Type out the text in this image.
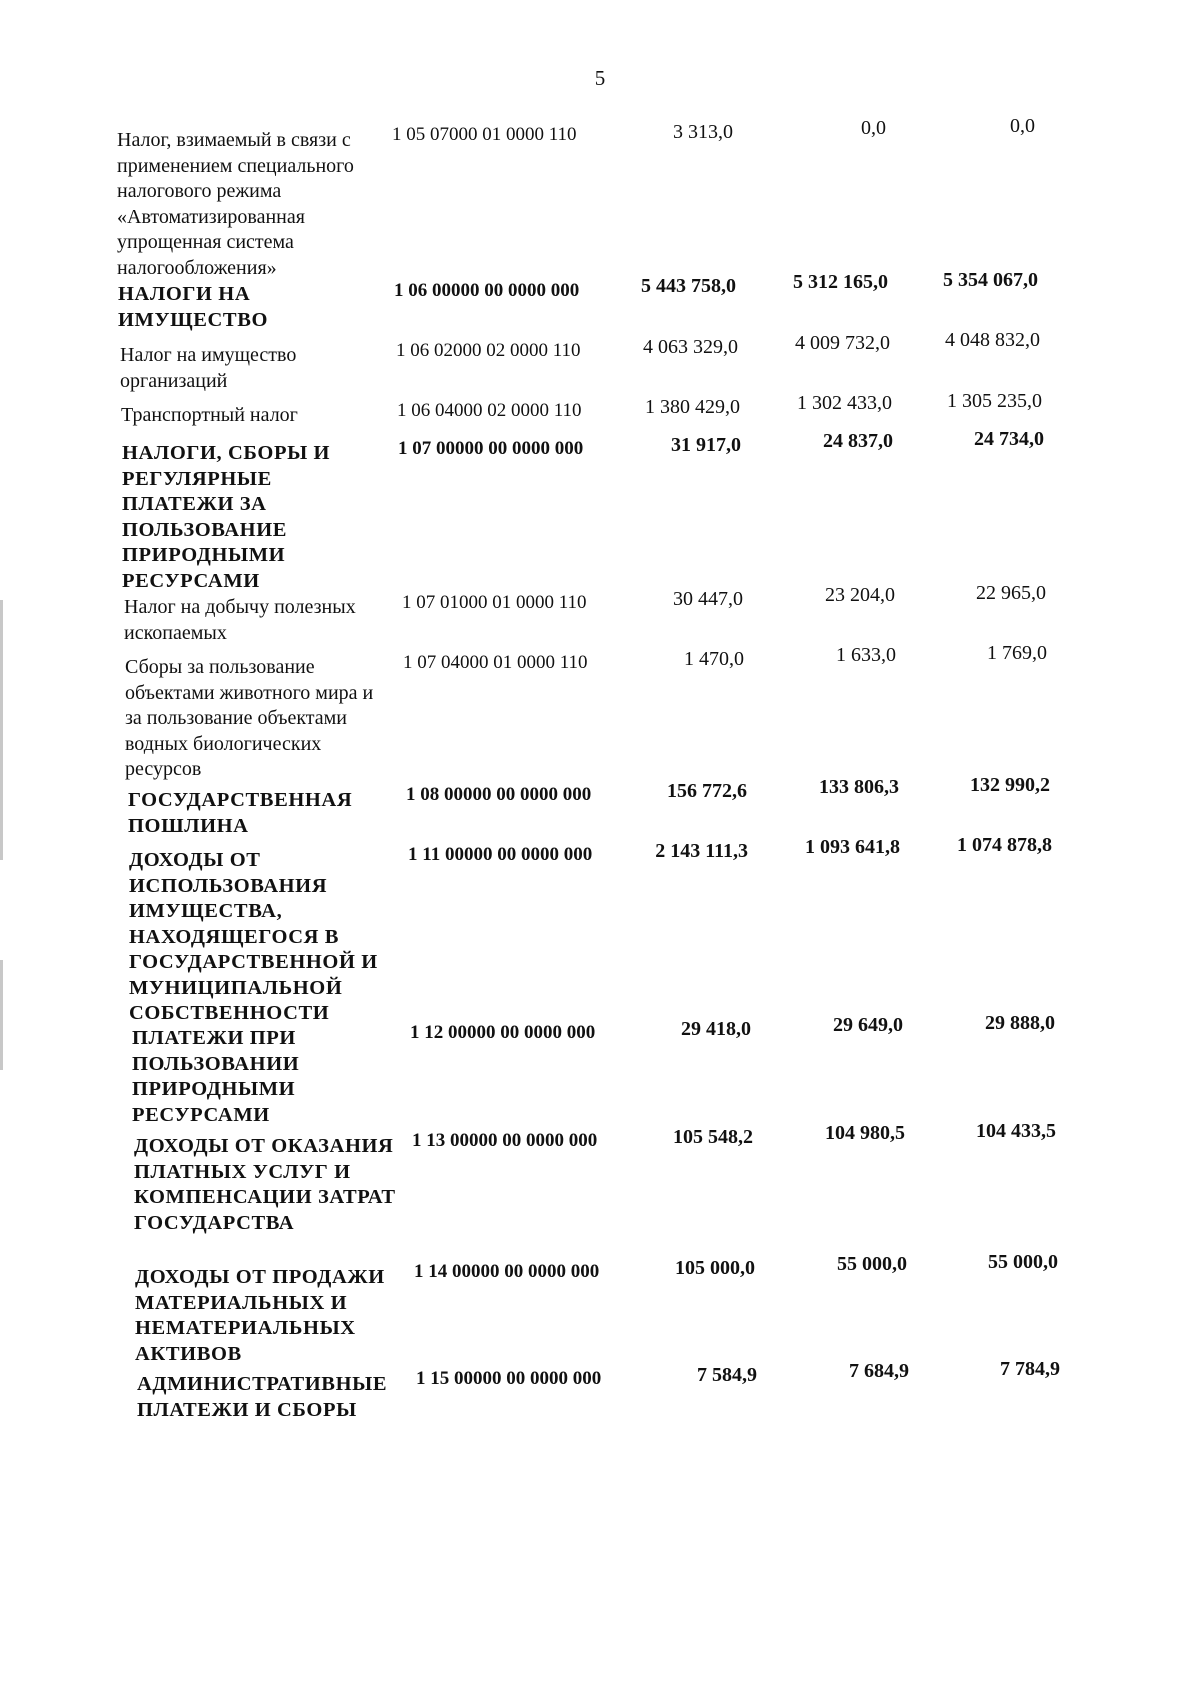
5
Налог, взимаемый в связи с применением специального налогового режима «Автоматизированная упрощенная система налогообложения»
1 05 07000 01 0000 110	3 313,0	0,0	0,0
НАЛОГИ НА ИМУЩЕСТВО
1 06 00000 00 0000 000	5 443 758,0	5 312 165,0	5 354 067,0
Налог на имущество организаций
1 06 02000 02 0000 110	4 063 329,0	4 009 732,0	4 048 832,0
Транспортный налог	1 06 04000 02 0000 110	1 380 429,0	1 302 433,0	1 305 235,0
НАЛОГИ, СБОРЫ И РЕГУЛЯРНЫЕ ПЛАТЕЖИ ЗА ПОЛЬЗОВАНИЕ ПРИРОДНЫМИ РЕСУРСАМИ
1 07 00000 00 0000 000	31 917,0	24 837,0	24 734,0
Налог на добычу полезных ископаемых
1 07 01000 01 0000 110	30 447,0	23 204,0	22 965,0
Сборы за пользование объектами животного мира и за пользование объектами водных биологических ресурсов
1 07 04000 01 0000 110	1 470,0	1 633,0	1 769,0
ГОСУДАРСТВЕННАЯ ПОШЛИНА
1 08 00000 00 0000 000	156 772,6	133 806,3	132 990,2
ДОХОДЫ ОТ ИСПОЛЬЗОВАНИЯ ИМУЩЕСТВА, НАХОДЯЩЕГОСЯ В ГОСУДАРСТВЕННОЙ И МУНИЦИПАЛЬНОЙ СОБСТВЕННОСТИ
1 11 00000 00 0000 000	2 143 111,3	1 093 641,8	1 074 878,8
ПЛАТЕЖИ ПРИ ПОЛЬЗОВАНИИ ПРИРОДНЫМИ РЕСУРСАМИ
1 12 00000 00 0000 000	29 418,0	29 649,0	29 888,0
ДОХОДЫ ОТ ОКАЗАНИЯ ПЛАТНЫХ УСЛУГ И КОМПЕНСАЦИИ ЗАТРАТ ГОСУДАРСТВА
1 13 00000 00 0000 000	105 548,2	104 980,5	104 433,5
ДОХОДЫ ОТ ПРОДАЖИ МАТЕРИАЛЬНЫХ И НЕМАТЕРИАЛЬНЫХ АКТИВОВ
1 14 00000 00 0000 000	105 000,0	55 000,0	55 000,0
АДМИНИСТРАТИВНЫЕ ПЛАТЕЖИ И СБОРЫ
1 15 00000 00 0000 000	7 584,9	7 684,9	7 784,9
